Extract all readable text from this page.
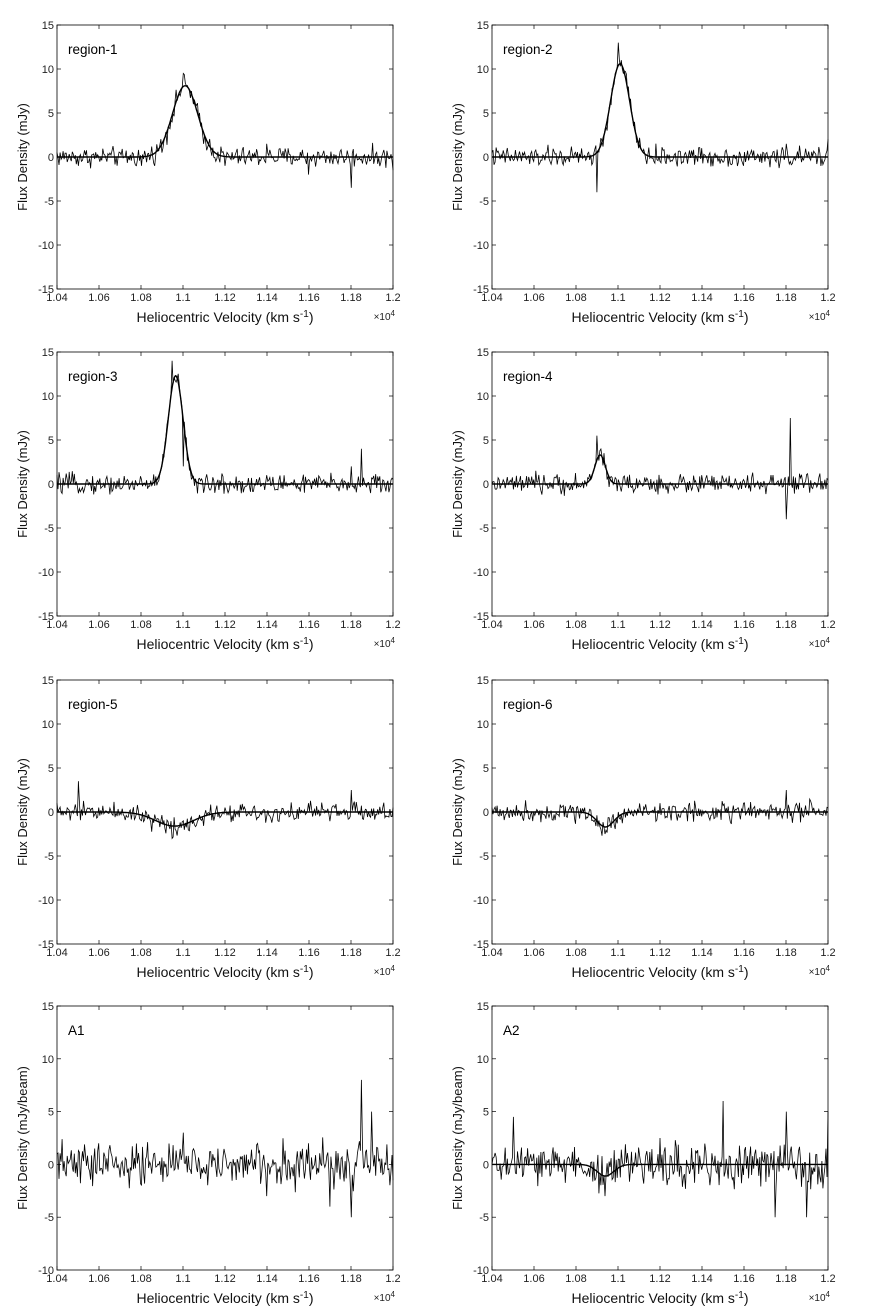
1.04 1.06 1.08 1.1 1.12 1.14 1.16 1.18 1.2
-15
-10
-5
0
5
10
15
Heliocentric Velocity (km $s^{-1}$)	$\times 10^4$
Flux Density (mJy)
region-1
1.04 1.06 1.08 1.1 1.12 1.14 1.16 1.18 1.2
-15
-10
-5
0
5
10
15
Heliocentric Velocity (km $s^{-1}$)	$\times 10^4$
Flux Density (mJy)
region-2
1.04 1.06 1.08 1.1 1.12 1.14 1.16 1.18 1.2
-15
-10
-5
0
5
10
15
Heliocentric Velocity (km $s^{-1}$)	$\times 10^4$
Flux Density (mJy)
region-3
1.04 1.06 1.08 1.1 1.12 1.14 1.16 1.18 1.2
-15
-10
-5
0
5
10
15
Heliocentric Velocity (km $s^{-1}$)	$\times 10^4$
Flux Density (mJy)
region-4
1.04 1.06 1.08 1.1 1.12 1.14 1.16 1.18 1.2
-15
-10
-5
0
5
10
15
Heliocentric Velocity (km $s^{-1}$)	$\times 10^4$
Flux Density (mJy)
region-5
1.04 1.06 1.08 1.1 1.12 1.14 1.16 1.18 1.2
-15
-10
-5
0
5
10
15
Heliocentric Velocity (km $s^{-1}$)	$\times 10^4$
Flux Density (mJy)
region-6
1.04 1.06 1.08 1.1 1.12 1.14 1.16 1.18 1.2
-10
-5
0
5
10
15
Heliocentric Velocity (km $s^{-1}$)	$\times 10^4$
Flux Density (mJy/beam)
A1
1.04 1.06 1.08 1.1 1.12 1.14 1.16 1.18 1.2
-10
-5
0
5
10
15
Heliocentric Velocity (km $s^{-1}$)	$\times 10^4$
Flux Density (mJy/beam)
A2
